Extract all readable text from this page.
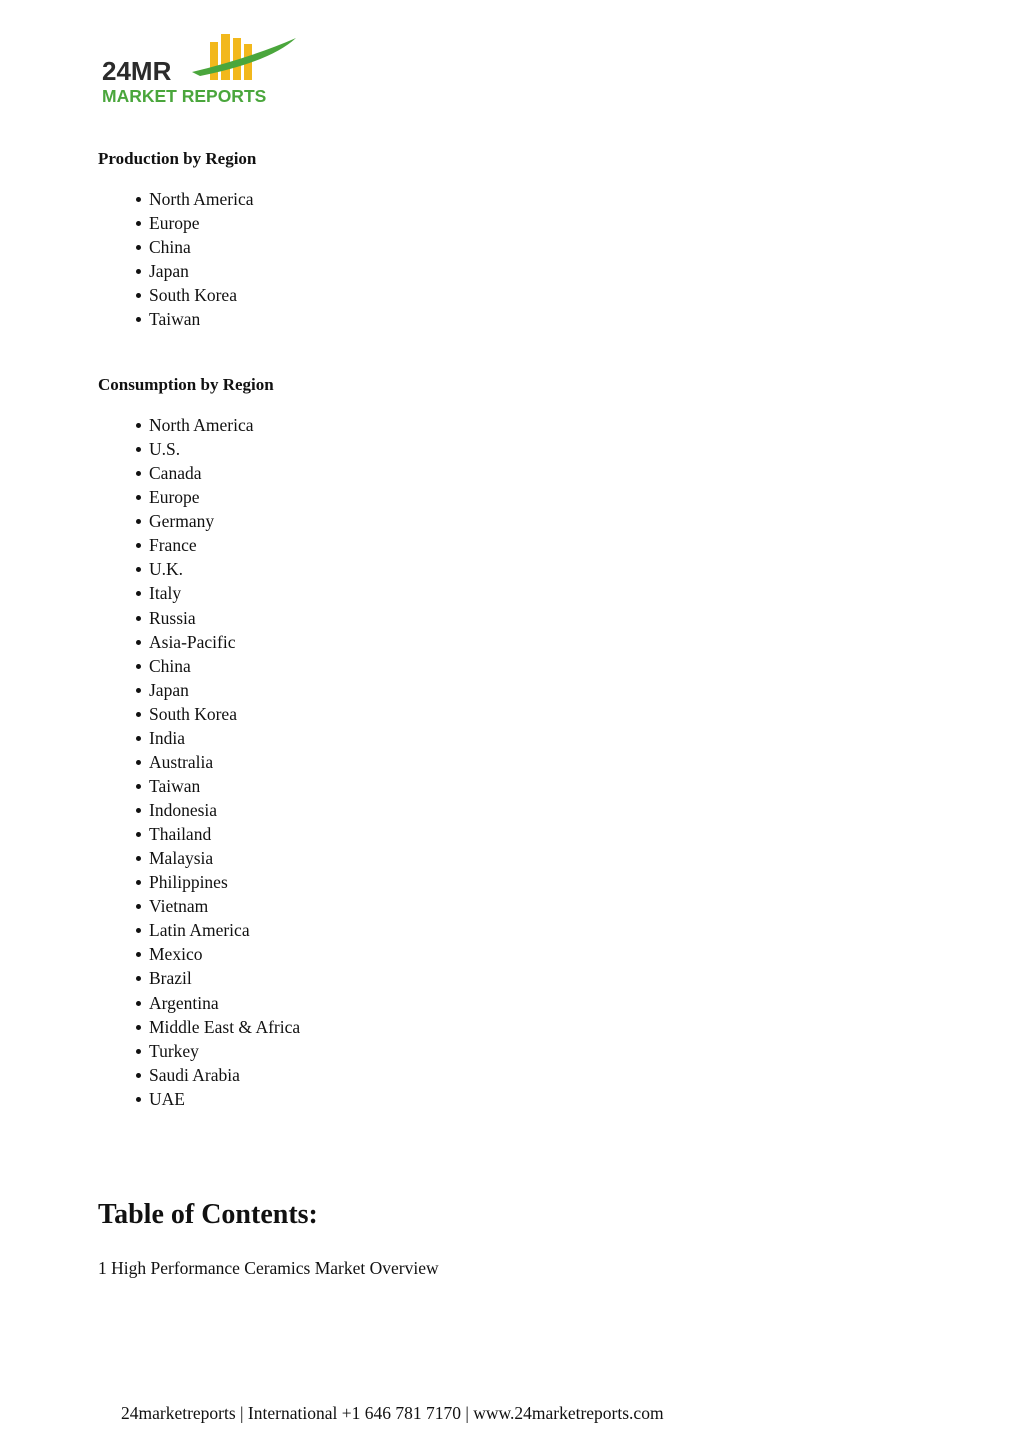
24MR
MARKET REPORTS
Production by Region
North America
Europe
China
Japan
South Korea
Taiwan
Consumption by Region
North America
U.S.
Canada
Europe
Germany
France
U.K.
Italy
Russia
Asia-Pacific
China
Japan
South Korea
India
Australia
Taiwan
Indonesia
Thailand
Malaysia
Philippines
Vietnam
Latin America
Mexico
Brazil
Argentina
Middle East & Africa
Turkey
Saudi Arabia
UAE
Table of Contents:
1 High Performance Ceramics Market Overview
24marketreports | International +1 646 781 7170 | www.24marketreports.com
